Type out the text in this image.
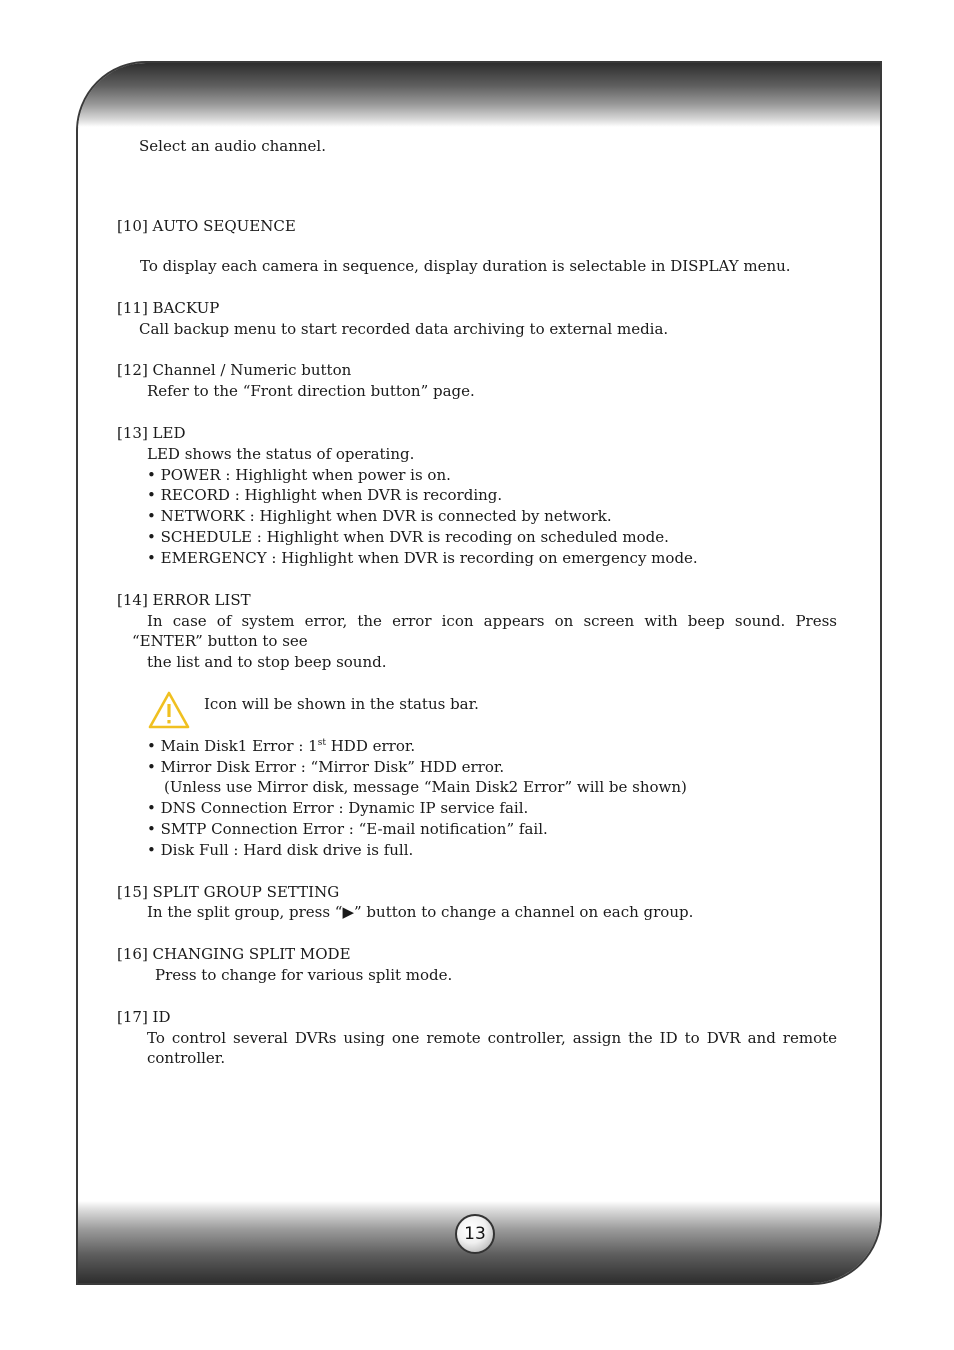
13
Select an audio channel.
[10] AUTO SEQUENCE
To display each camera in sequence, display duration is selectable in DISPLAY menu.
[11] BACKUP
Call backup menu to start recorded data archiving to external media.
[12] Channel / Numeric button
Refer to the “Front direction button” page.
[13] LED
LED shows the status of operating.
• POWER : Highlight when power is on.
• RECORD : Highlight when DVR is recording.
• NETWORK : Highlight when DVR is connected by network.
• SCHEDULE : Highlight when DVR is recoding on scheduled mode.
• EMERGENCY : Highlight when DVR is recording on emergency mode.
[14] ERROR LIST
In case of system error, the error icon appears on screen with beep sound. Press
“ENTER” button to see
the list and to stop beep sound.
Icon will be shown in the status bar.
• Main Disk1 Error : 1st HDD error.
• Mirror Disk Error : “Mirror Disk” HDD error.
(Unless use Mirror disk, message “Main Disk2 Error” will be shown)
• DNS Connection Error : Dynamic IP service fail.
• SMTP Connection Error : “E-mail notification” fail.
• Disk Full : Hard disk drive is full.
[15] SPLIT GROUP SETTING
In the split group, press “▶” button to change a channel on each group.
[16] CHANGING SPLIT MODE
Press to change for various split mode.
[17] ID
To control several DVRs using one remote controller, assign the ID to DVR and remote
controller.
